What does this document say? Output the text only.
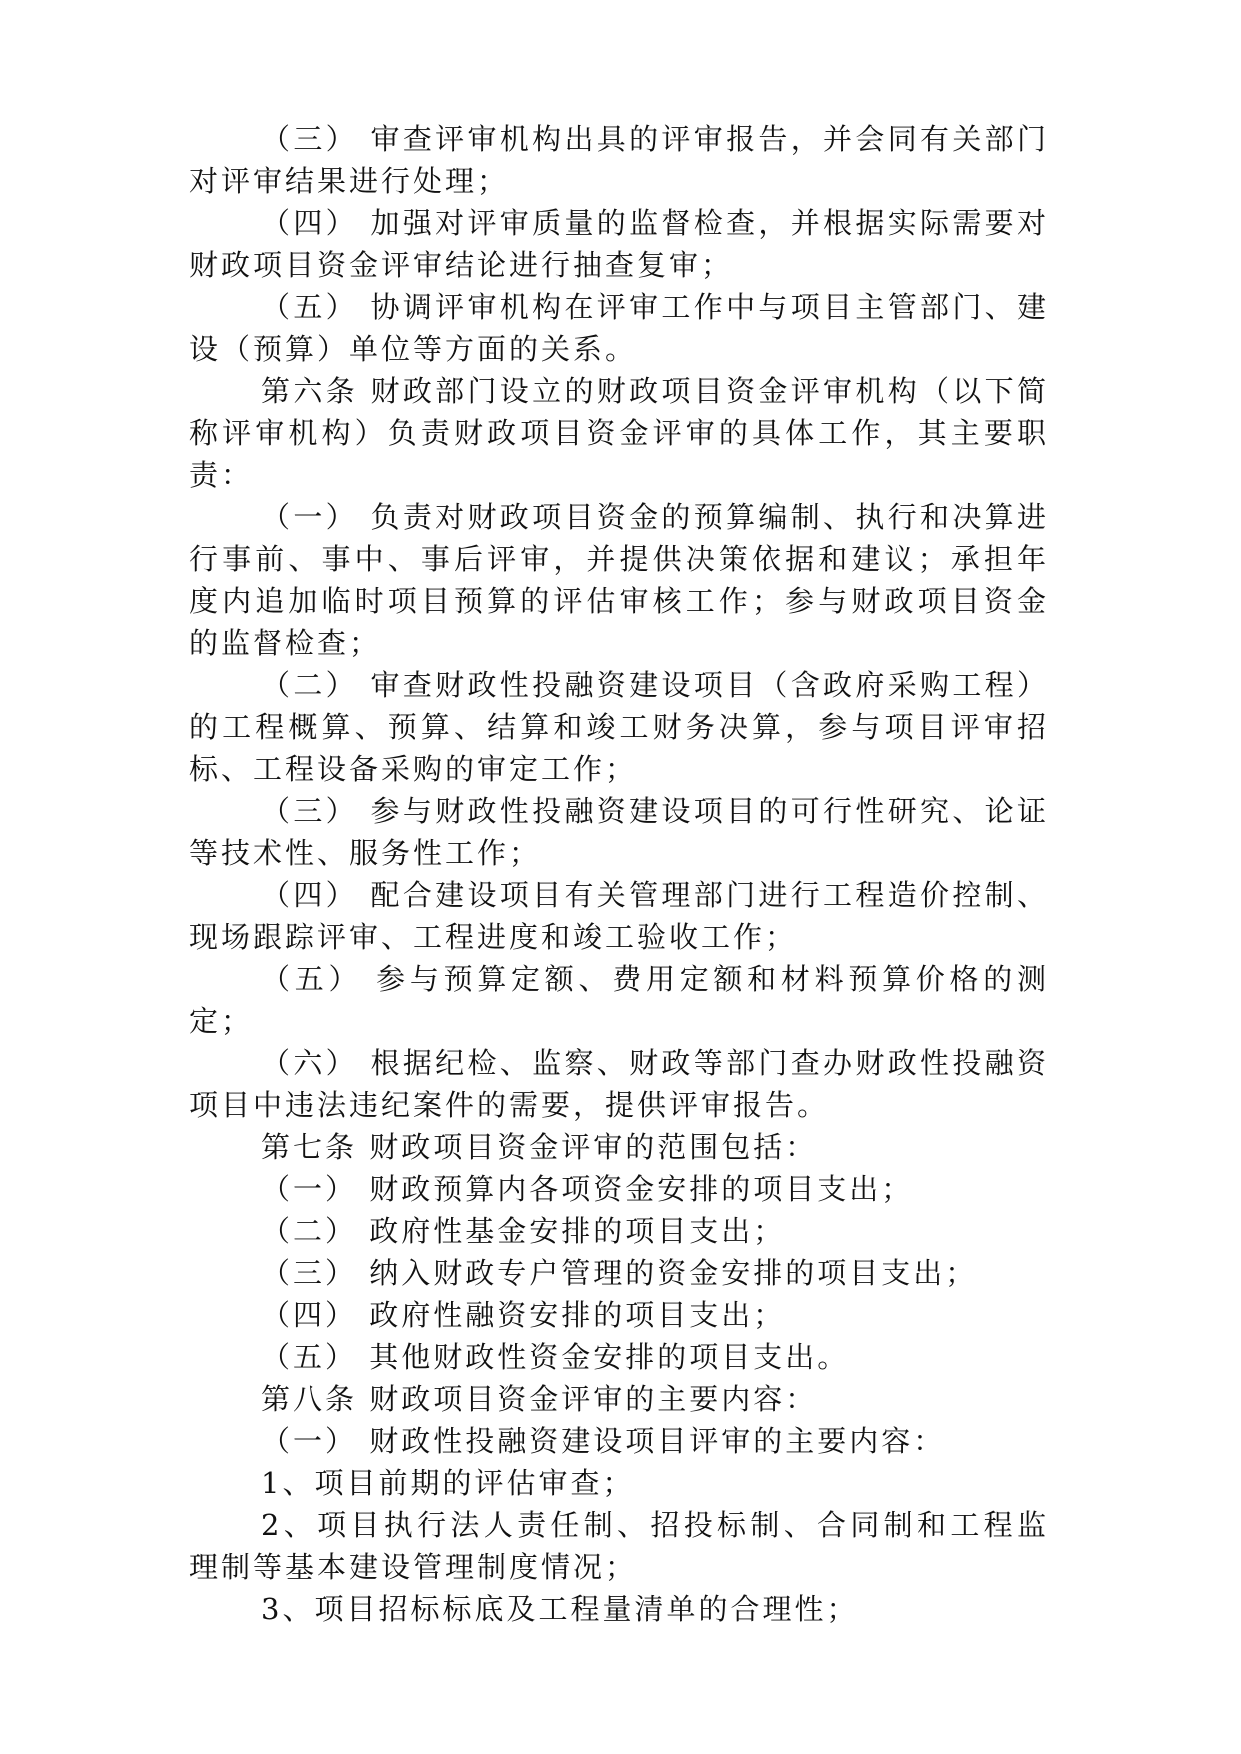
（三） 审查评审机构出具的评审报告，并会同有关部门对评审结果进行处理；

（四） 加强对评审质量的监督检查，并根据实际需要对财政项目资金评审结论进行抽查复审；

（五） 协调评审机构在评审工作中与项目主管部门、建设（预算）单位等方面的关系。

第六条 财政部门设立的财政项目资金评审机构（以下简称评审机构）负责财政项目资金评审的具体工作，其主要职责：

（一） 负责对财政项目资金的预算编制、执行和决算进行事前、事中、事后评审，并提供决策依据和建议；承担年度内追加临时项目预算的评估审核工作；参与财政项目资金的监督检查；

（二） 审查财政性投融资建设项目（含政府采购工程）的工程概算、预算、结算和竣工财务决算，参与项目评审招标、工程设备采购的审定工作；

（三） 参与财政性投融资建设项目的可行性研究、论证等技术性、服务性工作；

（四） 配合建设项目有关管理部门进行工程造价控制、现场跟踪评审、工程进度和竣工验收工作；

（五） 参与预算定额、费用定额和材料预算价格的测定；

（六） 根据纪检、监察、财政等部门查办财政性投融资项目中违法违纪案件的需要，提供评审报告。

第七条 财政项目资金评审的范围包括：

（一） 财政预算内各项资金安排的项目支出；

（二） 政府性基金安排的项目支出；

（三） 纳入财政专户管理的资金安排的项目支出；

（四） 政府性融资安排的项目支出；

（五） 其他财政性资金安排的项目支出。

第八条 财政项目资金评审的主要内容：

（一） 财政性投融资建设项目评审的主要内容：

1、项目前期的评估审查；

2、项目执行法人责任制、招投标制、合同制和工程监理制等基本建设管理制度情况；

3、项目招标标底及工程量清单的合理性；
